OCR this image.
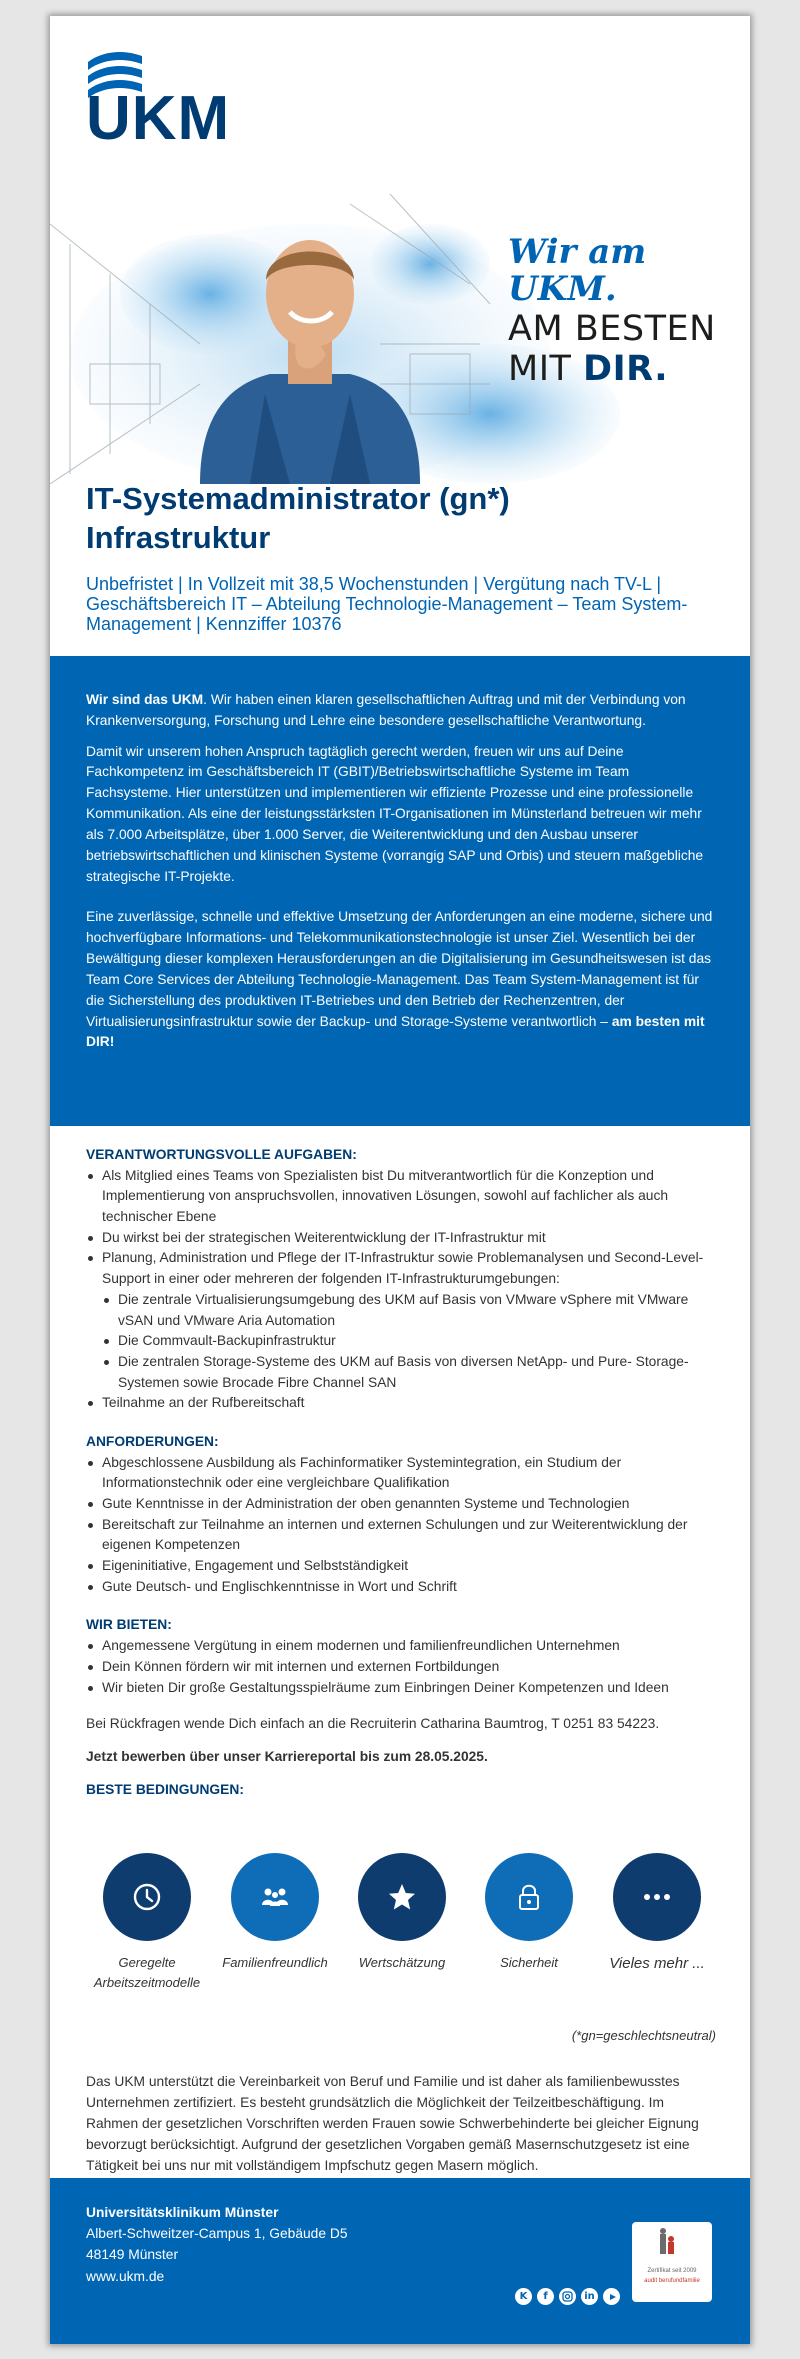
UKM
Wir am UKM.
AM BESTEN
MIT DIR.
IT-Systemadministrator (gn*)
Infrastruktur
Unbefristet | In Vollzeit mit 38,5 Wochenstunden | Vergütung nach TV-L | Geschäftsbereich IT – Abteilung Technologie-Management – Team System-Management | Kennziffer 10376

Wir sind das UKM. Wir haben einen klaren gesellschaftlichen Auftrag und mit der Verbindung von Krankenversorgung, Forschung und Lehre eine besondere gesellschaftliche Verantwortung.

Damit wir unserem hohen Anspruch tagtäglich gerecht werden, freuen wir uns auf Deine Fachkompetenz im Geschäftsbereich IT (GBIT)/Betriebswirtschaftliche Systeme im Team Fachsysteme. Hier unterstützen und implementieren wir effiziente Prozesse und eine professionelle Kommunikation. Als eine der leistungsstärksten IT-Organisationen im Münsterland betreuen wir mehr als 7.000 Arbeitsplätze, über 1.000 Server, die Weiterentwicklung und den Ausbau unserer betriebswirtschaftlichen und klinischen Systeme (vorrangig SAP und Orbis) und steuern maßgebliche strategische IT-Projekte.

Eine zuverlässige, schnelle und effektive Umsetzung der Anforderungen an eine moderne, sichere und hochverfügbare Informations- und Telekommunikationstechnologie ist unser Ziel. Wesentlich bei der Bewältigung dieser komplexen Herausforderungen an die Digitalisierung im Gesundheitswesen ist das Team Core Services der Abteilung Technologie-Management. Das Team System-Management ist für die Sicherstellung des produktiven IT-Betriebes und den Betrieb der Rechenzentren, der Virtualisierungsinfrastruktur sowie der Backup- und Storage-Systeme verantwortlich – am besten mit DIR!

VERANTWORTUNGSVOLLE AUFGABEN:
Als Mitglied eines Teams von Spezialisten bist Du mitverantwortlich für die Konzeption und Implementierung von anspruchsvollen, innovativen Lösungen, sowohl auf fachlicher als auch technischer Ebene
Du wirkst bei der strategischen Weiterentwicklung der IT-Infrastruktur mit
Planung, Administration und Pflege der IT-Infrastruktur sowie Problemanalysen und Second-Level-Support in einer oder mehreren der folgenden IT-Infrastrukturumgebungen:
Die zentrale Virtualisierungsumgebung des UKM auf Basis von VMware vSphere mit VMware vSAN und VMware Aria Automation
Die Commvault-Backupinfrastruktur
Die zentralen Storage-Systeme des UKM auf Basis von diversen NetApp- und Pure- Storage-Systemen sowie Brocade Fibre Channel SAN
Teilnahme an der Rufbereitschaft
ANFORDERUNGEN:
Abgeschlossene Ausbildung als Fachinformatiker Systemintegration, ein Studium der Informationstechnik oder eine vergleichbare Qualifikation
Gute Kenntnisse in der Administration der oben genannten Systeme und Technologien
Bereitschaft zur Teilnahme an internen und externen Schulungen und zur Weiterentwicklung der eigenen Kompetenzen
Eigeninitiative, Engagement und Selbstständigkeit
Gute Deutsch- und Englischkenntnisse in Wort und Schrift
WIR BIETEN:
Angemessene Vergütung in einem modernen und familienfreundlichen Unternehmen
Dein Können fördern wir mit internen und externen Fortbildungen
Wir bieten Dir große Gestaltungsspielräume zum Einbringen Deiner Kompetenzen und Ideen

Bei Rückfragen wende Dich einfach an die Recruiterin Catharina Baumtrog, T 0251 83 54223.

Jetzt bewerben über unser Karriereportal bis zum 28.05.2025.

BESTE BEDINGUNGEN:
Geregelte
Arbeitszeitmodelle
Familienfreundlich	Wertschätzung	Sicherheit	Vieles mehr ...
(*gn=geschlechtsneutral)

Das UKM unterstützt die Vereinbarkeit von Beruf und Familie und ist daher als familienbewusstes Unternehmen zertifiziert. Es besteht grundsätzlich die Möglichkeit der Teilzeitbeschäftigung. Im Rahmen der gesetzlichen Vorschriften werden Frauen sowie Schwerbehinderte bei gleicher Eignung bevorzugt berücksichtigt. Aufgrund der gesetzlichen Vorgaben gemäß Masernschutzgesetz ist eine Tätigkeit bei uns nur mit vollständigem Impfschutz gegen Masern möglich.

Universitätsklinikum Münster
Albert-Schweitzer-Campus 1, Gebäude D5
48149 Münster
www.ukm.de
K	f	in
Zertifikat seit 2009
audit berufundfamilie
